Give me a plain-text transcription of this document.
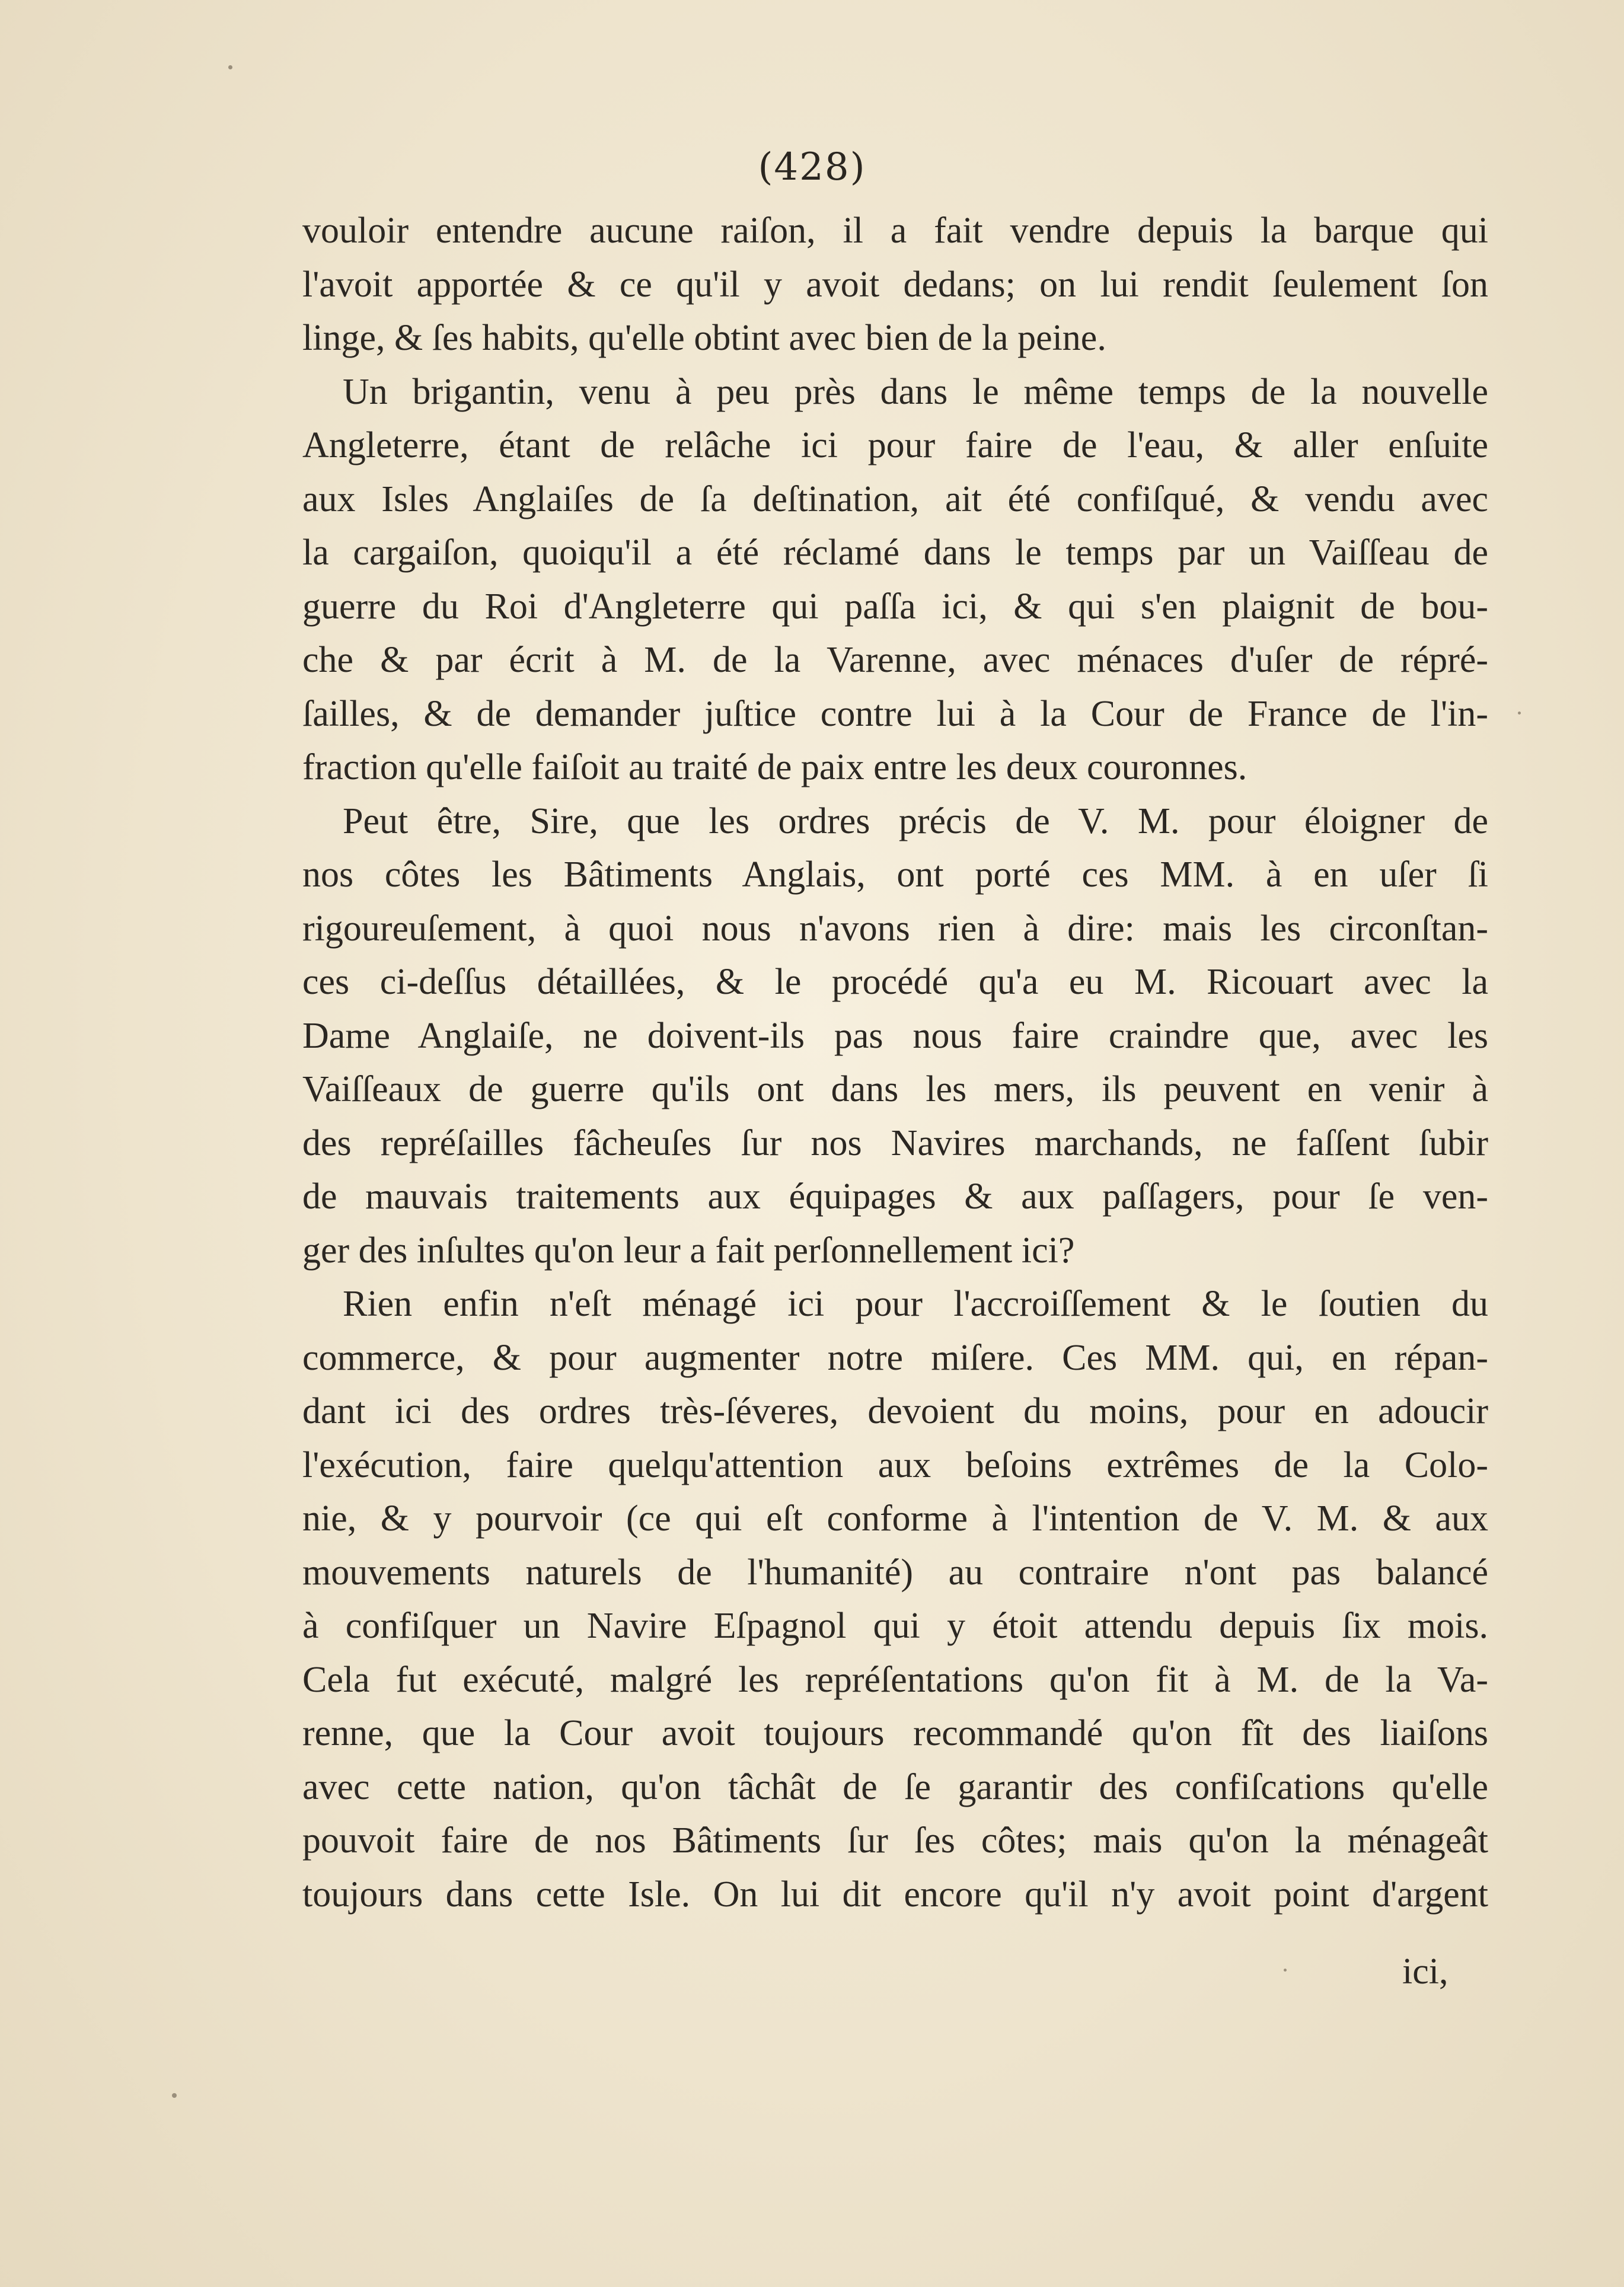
(428)
vouloir entendre aucune raiſon, il a fait vendre depuis la barque qui
l'avoit apportée & ce qu'il y avoit dedans; on lui rendit ſeulement ſon
linge, & ſes habits, qu'elle obtint avec bien de la peine.
Un brigantin, venu à peu près dans le même temps de la nouvelle
Angleterre, étant de relâche ici pour faire de l'eau, & aller enſuite
aux Isles Anglaiſes de ſa deſtination, ait été confiſqué, & vendu avec
la cargaiſon, quoiqu'il a été réclamé dans le temps par un Vaiſſeau de
guerre du Roi d'Angleterre qui paſſa ici, & qui s'en plaignit de bou-
che & par écrit à M. de la Varenne, avec ménaces d'uſer de répré-
ſailles, & de demander juſtice contre lui à la Cour de France de l'in-
fraction qu'elle faiſoit au traité de paix entre les deux couronnes.
Peut être, Sire, que les ordres précis de V. M. pour éloigner de
nos côtes les Bâtiments Anglais, ont porté ces MM. à en uſer ſi
rigoureuſement, à quoi nous n'avons rien à dire: mais les circonſtan-
ces ci-deſſus détaillées, & le procédé qu'a eu M. Ricouart avec la
Dame Anglaiſe, ne doivent-ils pas nous faire craindre que, avec les
Vaiſſeaux de guerre qu'ils ont dans les mers, ils peuvent en venir à
des repréſailles fâcheuſes ſur nos Navires marchands, ne faſſent ſubir
de mauvais traitements aux équipages & aux paſſagers, pour ſe ven-
ger des inſultes qu'on leur a fait perſonnellement ici?
Rien enfin n'eſt ménagé ici pour l'accroiſſement & le ſoutien du
commerce, & pour augmenter notre miſere. Ces MM. qui, en répan-
dant ici des ordres très-ſéveres, devoient du moins, pour en adoucir
l'exécution, faire quelqu'attention aux beſoins extrêmes de la Colo-
nie, & y pourvoir (ce qui eſt conforme à l'intention de V. M. & aux
mouvements naturels de l'humanité) au contraire n'ont pas balancé
à confiſquer un Navire Eſpagnol qui y étoit attendu depuis ſix mois.
Cela fut exécuté, malgré les repréſentations qu'on fit à M. de la Va-
renne, que la Cour avoit toujours recommandé qu'on fît des liaiſons
avec cette nation, qu'on tâchât de ſe garantir des confiſcations qu'elle
pouvoit faire de nos Bâtiments ſur ſes côtes; mais qu'on la ménageât
toujours dans cette Isle. On lui dit encore qu'il n'y avoit point d'argent
ici,
